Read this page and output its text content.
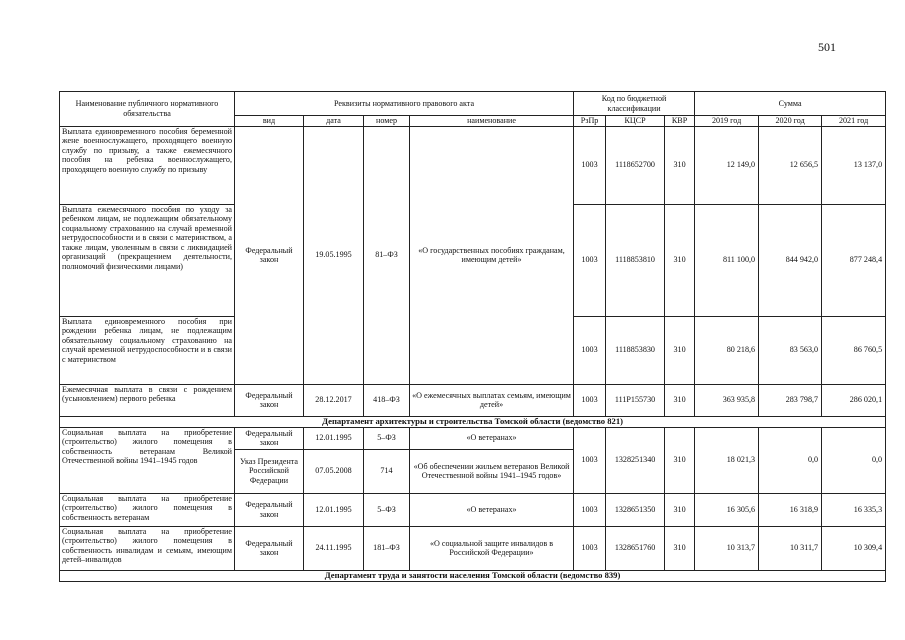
501
Наименование публичного нормативного обязательства	Реквизиты нормативного правового акта				Код по бюджетной классификации			Сумма		
	вид	дата	номер	наименование	РзПр	КЦСР	КВР	2019 год	2020 год	2021 год
Выплата единовременного пособия беременной жене военнослужащего, проходящего военную службу по призыву, а также ежемесячного пособия на ребенка военнослужащего, проходящего военную службу по призыву	Федеральный закон	19.05.1995	81–ФЗ	«О государственных пособиях гражданам, имеющим детей»	1003	1118652700	310	12 149,0	12 656,5	13 137,0
Выплата ежемесячного пособия по уходу за ребенком лицам, не подлежащим обязательному социальному страхованию на случай временной нетрудоспособности и в связи с материнством, а также лицам, уволенным в связи с ликвидацией организаций (прекращением деятельности, полномочий физическими лицами)					1003	1118853810	310	811 100,0	844 942,0	877 248,4
Выплата единовременного пособия при рождении ребенка лицам, не подлежащим обязательному социальному страхованию на случай временной нетрудоспособности и в связи с материнством					1003	1118853830	310	80 218,6	83 563,0	86 760,5
Ежемесячная выплата в связи с рождением (усыновлением) первого ребенка	Федеральный закон	28.12.2017	418–ФЗ	«О ежемесячных выплатах семьям, имеющим детей»	1003	111P155730	310	363 935,8	283 798,7	286 020,1
Департамент архитектуры и строительства Томской области (ведомство 821)										
Социальная выплата на приобретение (строительство) жилого помещения в собственность ветеранам Великой Отечественной войны 1941–1945 годов	Федеральный закон	12.01.1995	5–ФЗ	«О ветеранах»	1003	1328251340	310	18 021,3	0,0	0,0
	Указ Президента Российской Федерации	07.05.2008	714	«Об обеспечении жильем ветеранов Великой Отечественной войны 1941–1945 годов»						
Социальная выплата на приобретение (строительство) жилого помещения в собственность ветеранам	Федеральный закон	12.01.1995	5–ФЗ	«О ветеранах»	1003	1328651350	310	16 305,6	16 318,9	16 335,3
Социальная выплата на приобретение (строительство) жилого помещения в собственность инвалидам и семьям, имеющим детей–инвалидов	Федеральный закон	24.11.1995	181–ФЗ	«О социальной защите инвалидов в Российской Федерации»	1003	1328651760	310	10 313,7	10 311,7	10 309,4
Департамент труда и занятости населения Томской области (ведомство 839)										
